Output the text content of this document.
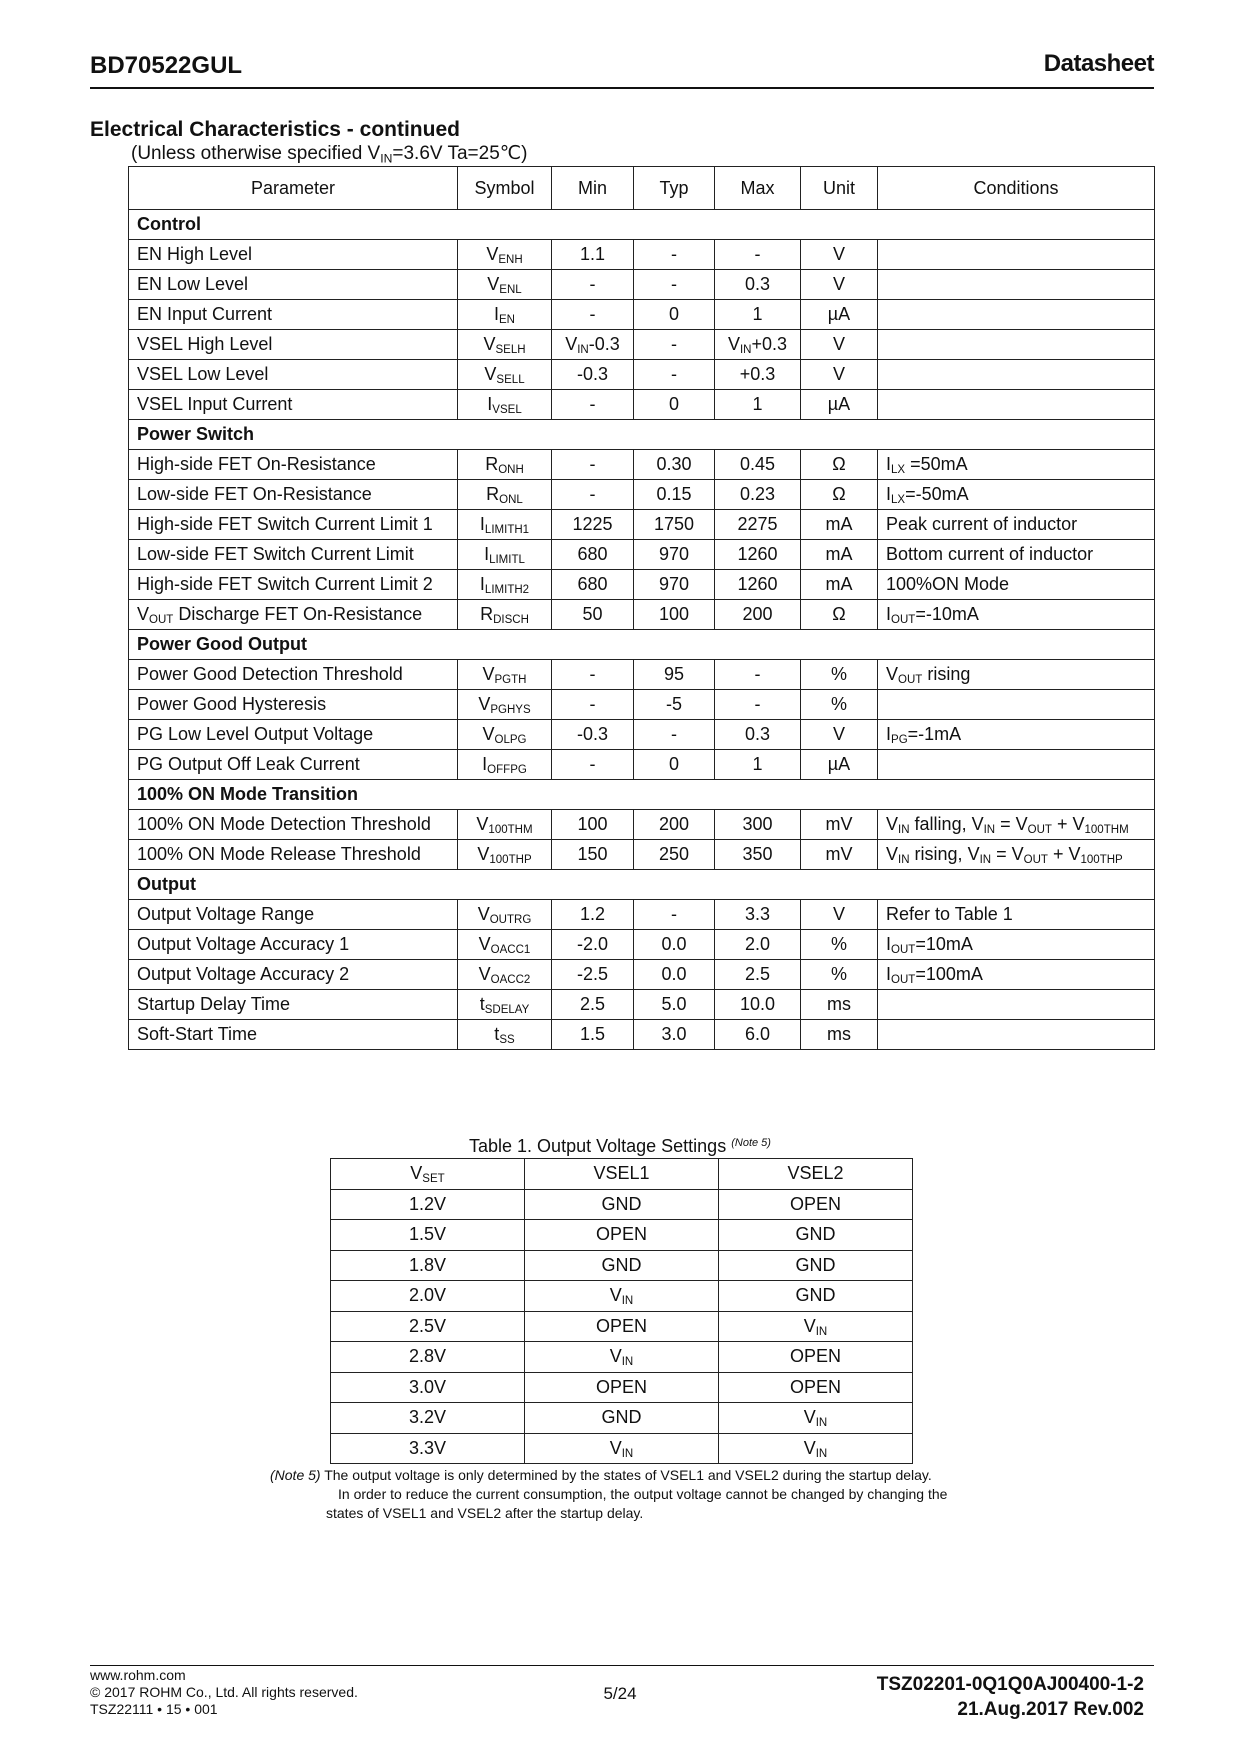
BD70522GUL	Datasheet
Electrical Characteristics - continued
(Unless otherwise specified $V_{IN}=3.6V$ Ta=25℃)
Parameter	Symbol	Min	Typ	Max	Unit	Conditions
Control						
EN High Level	$V_{ENH}$	1.1	-	-	V	
EN Low Level	$V_{ENL}$	-	-	0.3	V	
EN Input Current	$I_{EN}$	-	0	1	µA	
VSEL High Level	$V_{SELH}$	$V_{IN}-0.3$	-	$V_{IN}+0.3$	V	
VSEL Low Level	$V_{SELL}$	-0.3	-	+0.3	V	
VSEL Input Current	$I_{VSEL}$	-	0	1	µA	
Power Switch						
High-side FET On-Resistance	$R_{ONH}$	-	0.30	0.45	Ω	$I_{LX} =50mA$
Low-side FET On-Resistance	$R_{ONL}$	-	0.15	0.23	Ω	$I_{LX}=-50mA$
High-side FET Switch Current Limit 1	$I_{LIMITH1}$	1225	1750	2275	mA	Peak current of inductor
Low-side FET Switch Current Limit	$I_{LIMITL}$	680	970	1260	mA	Bottom current of inductor
High-side FET Switch Current Limit 2	$I_{LIMITH2}$	680	970	1260	mA	100%ON Mode
$V_{OUT}$ Discharge FET On-Resistance	$R_{DISCH}$	50	100	200	Ω	$I_{OUT}=-10mA$
Power Good Output						
Power Good Detection Threshold	$V_{PGTH}$	-	95	-	%	$V_{OUT}$ rising
Power Good Hysteresis	$V_{PGHYS}$	-	-5	-	%	
PG Low Level Output Voltage	$V_{OLPG}$	-0.3	-	0.3	V	$I_{PG}=-1mA$
PG Output Off Leak Current	$I_{OFFPG}$	-	0	1	µA	
100% ON Mode Transition						
100% ON Mode Detection Threshold	$V_{100THM}$	100	200	300	mV	$V_{IN}$ falling, $V_{IN} = V_{OUT} + V_{100THM}$
100% ON Mode Release Threshold	$V_{100THP}$	150	250	350	mV	$V_{IN}$ rising, $V_{IN} = V_{OUT} + V_{100THP}$
Output						
Output Voltage Range	$V_{OUTRG}$	1.2	-	3.3	V	Refer to Table 1
Output Voltage Accuracy 1	$V_{OACC1}$	-2.0	0.0	2.0	%	$I_{OUT}=10mA$
Output Voltage Accuracy 2	$V_{OACC2}$	-2.5	0.0	2.5	%	$I_{OUT}=100mA$
Startup Delay Time	$t_{SDELAY}$	2.5	5.0	10.0	ms	
Soft-Start Time	$t_{SS}$	1.5	3.0	6.0	ms	
Table 1. Output Voltage Settings $^{(Note 5)}$
$V_{SET}$	VSEL1	VSEL2
1.2V	GND	OPEN
1.5V	OPEN	GND
1.8V	GND	GND
2.0V	$V_{IN}$	GND
2.5V	OPEN	$V_{IN}$
2.8V	$V_{IN}$	OPEN
3.0V	OPEN	OPEN
3.2V	GND	$V_{IN}$
3.3V	$V_{IN}$	$V_{IN}$
(Note 5) The output voltage is only determined by the states of VSEL1 and VSEL2 during the startup delay.
In order to reduce the current consumption, the output voltage cannot be changed by changing the
states of VSEL1 and VSEL2 after the startup delay.
www.rohm.com
© 2017 ROHM Co., Ltd. All rights reserved.
TSZ22111 • 15 • 001
5/24	TSZ02201-0Q1Q0AJ00400-1-2
21.Aug.2017 Rev.002
